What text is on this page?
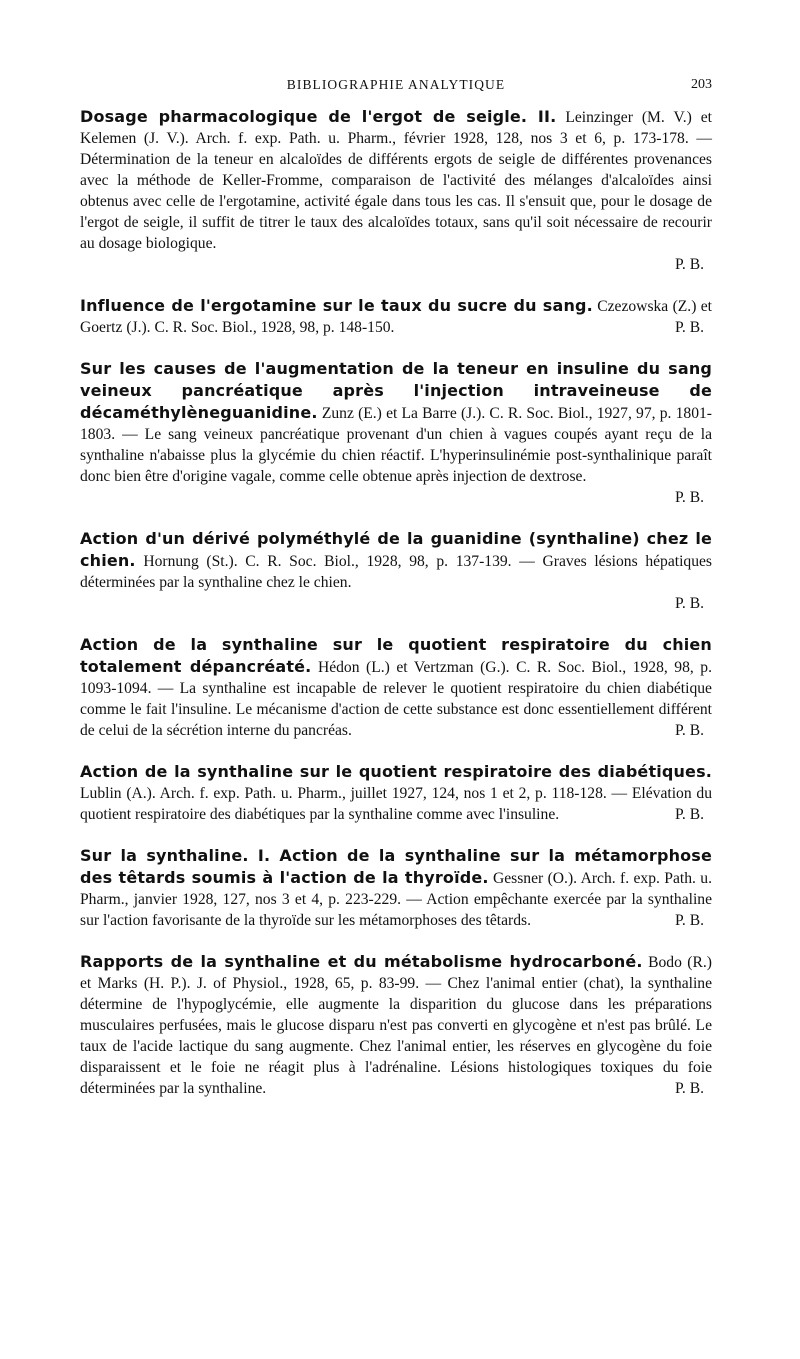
BIBLIOGRAPHIE ANALYTIQUE	203
Dosage pharmacologique de l'ergot de seigle. II. Leinzinger (M. V.) et Kelemen (J. V.). Arch. f. exp. Path. u. Pharm., février 1928, 128, nos 3 et 6, p. 173-178. — Détermination de la teneur en alcaloïdes de différents ergots de seigle de différentes provenances avec la méthode de Keller-Fromme, comparaison de l'activité des mélanges d'alcaloïdes ainsi obtenus avec celle de l'ergotamine, activité égale dans tous les cas. Il s'ensuit que, pour le dosage de l'ergot de seigle, il suffit de titrer le taux des alcaloïdes totaux, sans qu'il soit nécessaire de recourir au dosage biologique.
P. B.
Influence de l'ergotamine sur le taux du sucre du sang. Czezowska (Z.) et Goertz (J.). C. R. Soc. Biol., 1928, 98, p. 148-150.	P. B.
Sur les causes de l'augmentation de la teneur en insuline du sang veineux pancréatique après l'injection intraveineuse de décaméthylèneguanidine. Zunz (E.) et La Barre (J.). C. R. Soc. Biol., 1927, 97, p. 1801-1803. — Le sang veineux pancréatique provenant d'un chien à vagues coupés ayant reçu de la synthaline n'abaisse plus la glycémie du chien réactif. L'hyperinsulinémie post-synthalinique paraît donc bien être d'origine vagale, comme celle obtenue après injection de dextrose.
P. B.
Action d'un dérivé polyméthylé de la guanidine (synthaline) chez le chien. Hornung (St.). C. R. Soc. Biol., 1928, 98, p. 137-139. — Graves lésions hépatiques déterminées par la synthaline chez le chien.
P. B.
Action de la synthaline sur le quotient respiratoire du chien totalement dépancréaté. Hédon (L.) et Vertzman (G.). C. R. Soc. Biol., 1928, 98, p. 1093-1094. — La synthaline est incapable de relever le quotient respiratoire du chien diabétique comme le fait l'insuline. Le mécanisme d'action de cette substance est donc essentiellement différent de celui de la sécrétion interne du pancréas.	P. B.
Action de la synthaline sur le quotient respiratoire des diabétiques. Lublin (A.). Arch. f. exp. Path. u. Pharm., juillet 1927, 124, nos 1 et 2, p. 118-128. — Elévation du quotient respiratoire des diabétiques par la synthaline comme avec l'insuline.	P. B.
Sur la synthaline. I. Action de la synthaline sur la métamorphose des têtards soumis à l'action de la thyroïde. Gessner (O.). Arch. f. exp. Path. u. Pharm., janvier 1928, 127, nos 3 et 4, p. 223-229. — Action empêchante exercée par la synthaline sur l'action favorisante de la thyroïde sur les métamorphoses des têtards.	P. B.
Rapports de la synthaline et du métabolisme hydrocarboné. Bodo (R.) et Marks (H. P.). J. of Physiol., 1928, 65, p. 83-99. — Chez l'animal entier (chat), la synthaline détermine de l'hypoglycémie, elle augmente la disparition du glucose dans les préparations musculaires perfusées, mais le glucose disparu n'est pas converti en glycogène et n'est pas brûlé. Le taux de l'acide lactique du sang augmente. Chez l'animal entier, les réserves en glycogène du foie disparaissent et le foie ne réagit plus à l'adrénaline. Lésions histologiques toxiques du foie déterminées par la synthaline.	P. B.
